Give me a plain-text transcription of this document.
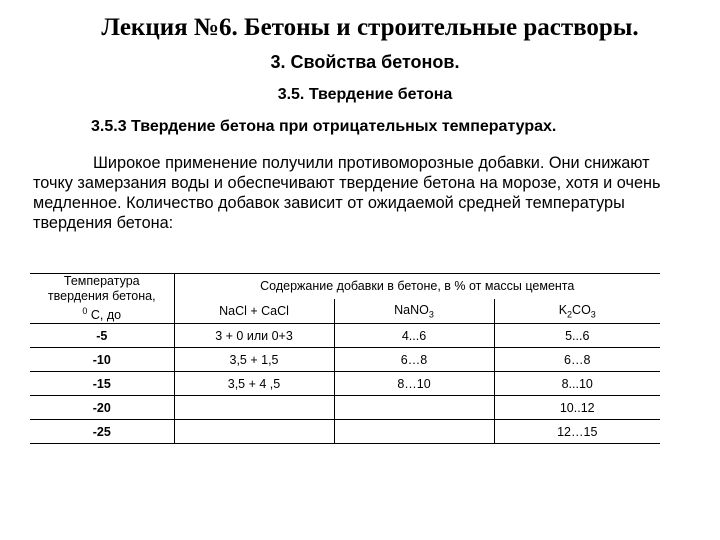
Лекция №6. Бетоны и строительные растворы.
3. Свойства бетонов.
3.5. Твердение бетона
3.5.3 Твердение бетона при отрицательных температурах.
Широкое применение получили противоморозные добавки. Они снижают точку замерзания воды и обеспечивают твердение бетона на морозе, хотя и очень медленное. Количество добавок зависит от ожидаемой средней температуры твердения бетона:
Температура
твердения бетона,
$^0$ С, до	Содержание добавки в бетоне, в % от массы цемента		
	NaCl + CaCl	NaNO$_3$	$K_2CO_3$
-5	3 + 0 или 0+3	4...6	5...6
-10	3,5 + 1,5	6…8	6…8
-15	3,5 + 4 ,5	8…10	8...10
-20			10..12
-25			12…15
